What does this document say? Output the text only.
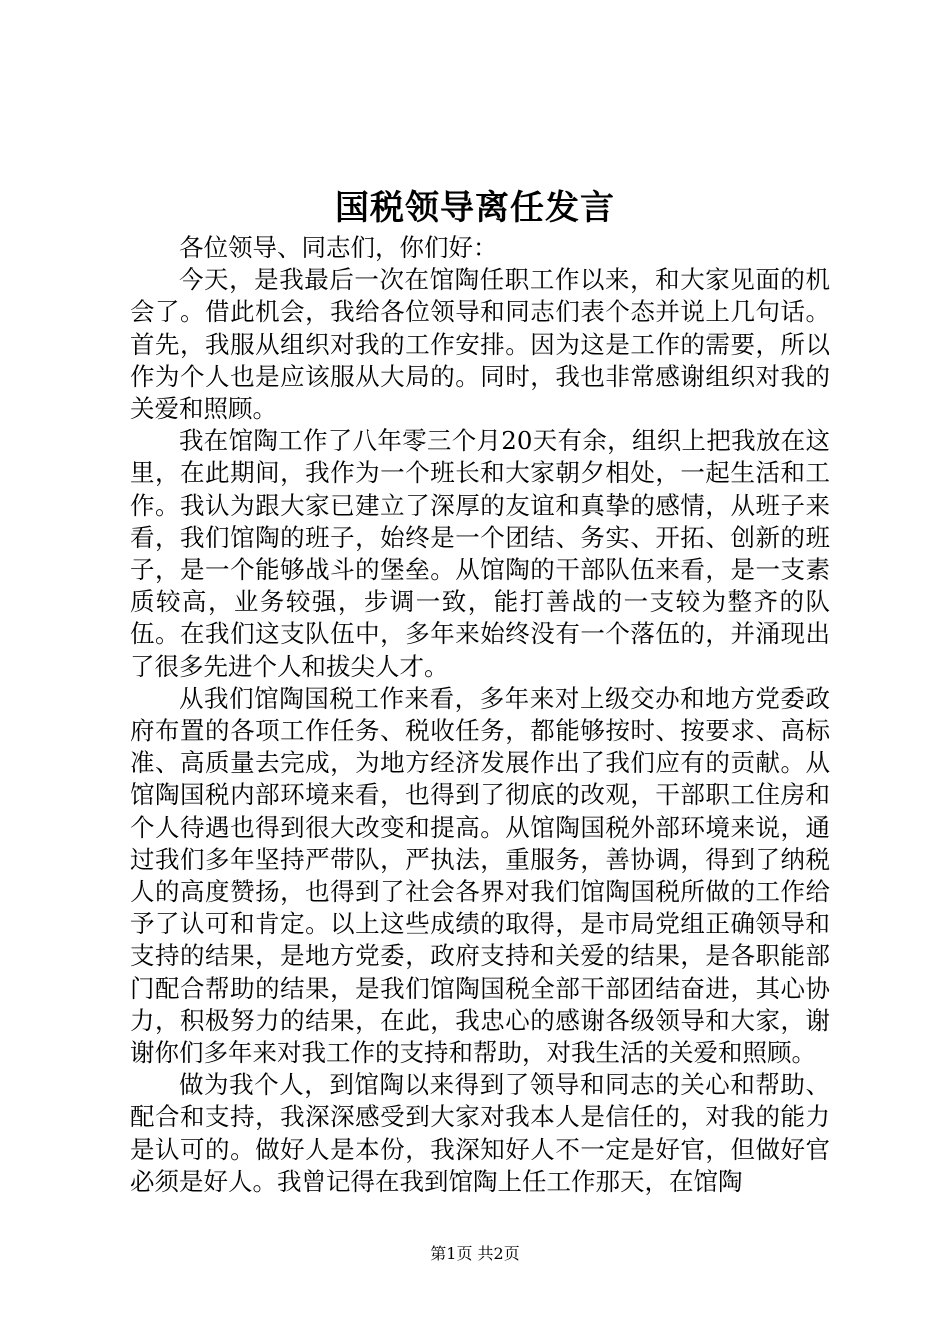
国税领导离任发言

各位领导、同志们，你们好：

今天，是我最后一次在馆陶任职工作以来，和大家见面的机会了。借此机会，我给各位领导和同志们表个态并说上几句话。首先，我服从组织对我的工作安排。因为这是工作的需要，所以作为个人也是应该服从大局的。同时，我也非常感谢组织对我的关爱和照顾。

我在馆陶工作了八年零三个月20天有余，组织上把我放在这里，在此期间，我作为一个班长和大家朝夕相处，一起生活和工作。我认为跟大家已建立了深厚的友谊和真挚的感情，从班子来看，我们馆陶的班子，始终是一个团结、务实、开拓、创新的班子，是一个能够战斗的堡垒。从馆陶的干部队伍来看，是一支素质较高，业务较强，步调一致，能打善战的一支较为整齐的队伍。在我们这支队伍中，多年来始终没有一个落伍的，并涌现出了很多先进个人和拔尖人才。

从我们馆陶国税工作来看，多年来对上级交办和地方党委政府布置的各项工作任务、税收任务，都能够按时、按要求、高标准、高质量去完成，为地方经济发展作出了我们应有的贡献。从馆陶国税内部环境来看，也得到了彻底的改观，干部职工住房和个人待遇也得到很大改变和提高。从馆陶国税外部环境来说，通过我们多年坚持严带队，严执法，重服务，善协调，得到了纳税人的高度赞扬，也得到了社会各界对我们馆陶国税所做的工作给予了认可和肯定。以上这些成绩的取得，是市局党组正确领导和支持的结果，是地方党委，政府支持和关爱的结果，是各职能部门配合帮助的结果，是我们馆陶国税全部干部团结奋进，其心协力，积极努力的结果，在此，我忠心的感谢各级领导和大家，谢谢你们多年来对我工作的支持和帮助，对我生活的关爱和照顾。

做为我个人，到馆陶以来得到了领导和同志的关心和帮助、配合和支持，我深深感受到大家对我本人是信任的，对我的能力是认可的。做好人是本份，我深知好人不一定是好官，但做好官必须是好人。我曾记得在我到馆陶上任工作那天，在馆陶

第1页 共2页
